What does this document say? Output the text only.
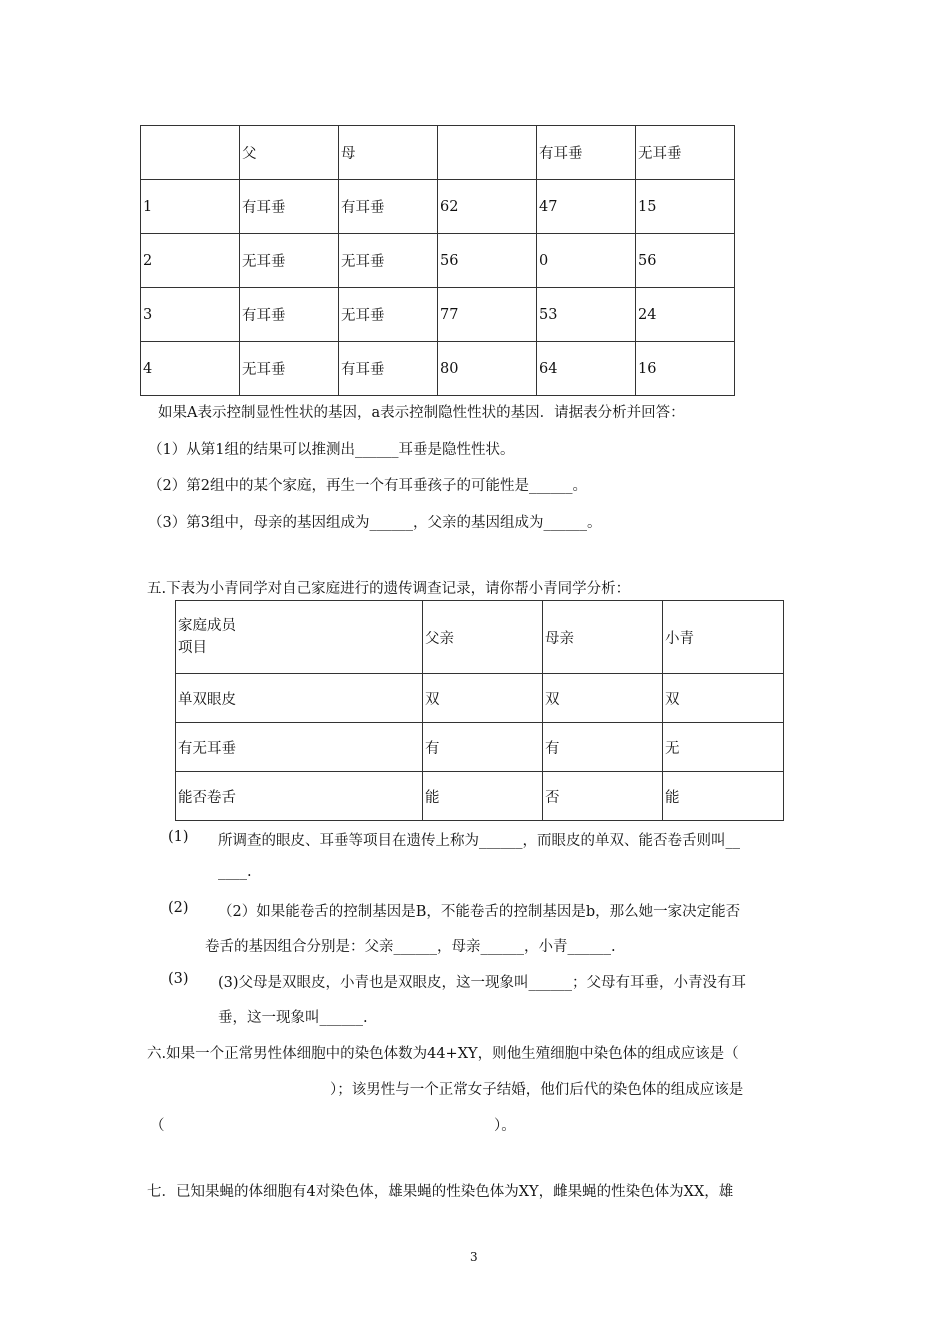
	父	母		有耳垂	无耳垂
1	有耳垂	有耳垂	62	47	15
2	无耳垂	无耳垂	56	0	56
3	有耳垂	无耳垂	77	53	24
4	无耳垂	有耳垂	80	64	16
如果A表示控制显性性状的基因，a表示控制隐性性状的基因．请据表分析并回答：
（1）从第1组的结果可以推测出______耳垂是隐性性状。
（2）第2组中的某个家庭，再生一个有耳垂孩子的可能性是______。
（3）第3组中，母亲的基因组成为______，父亲的基因组成为______。
五.下表为小青同学对自己家庭进行的遗传调查记录，请你帮小青同学分析：
家庭成员
项目	父亲	母亲	小青
单双眼皮	双	双	双
有无耳垂	有	有	无
能否卷舌	能	否	能
(1) 所调查的眼皮、耳垂等项目在遗传上称为______，而眼皮的单双、能否卷舌则叫__
____.
(2) （2）如果能卷舌的控制基因是B，不能卷舌的控制基因是b，那么她一家决定能否
卷舌的基因组合分别是：父亲______，母亲______，小青______.
(3) (3)父母是双眼皮，小青也是双眼皮，这一现象叫______；父母有耳垂，小青没有耳
垂，这一现象叫______.
六.如果一个正常男性体细胞中的染色体数为44+XY，则他生殖细胞中染色体的组成应该是（
）；该男性与一个正常女子结婚，他们后代的染色体的组成应该是
（	）。
七．已知果蝇的体细胞有4对染色体，雄果蝇的性染色体为XY，雌果蝇的性染色体为XX，雄
3
